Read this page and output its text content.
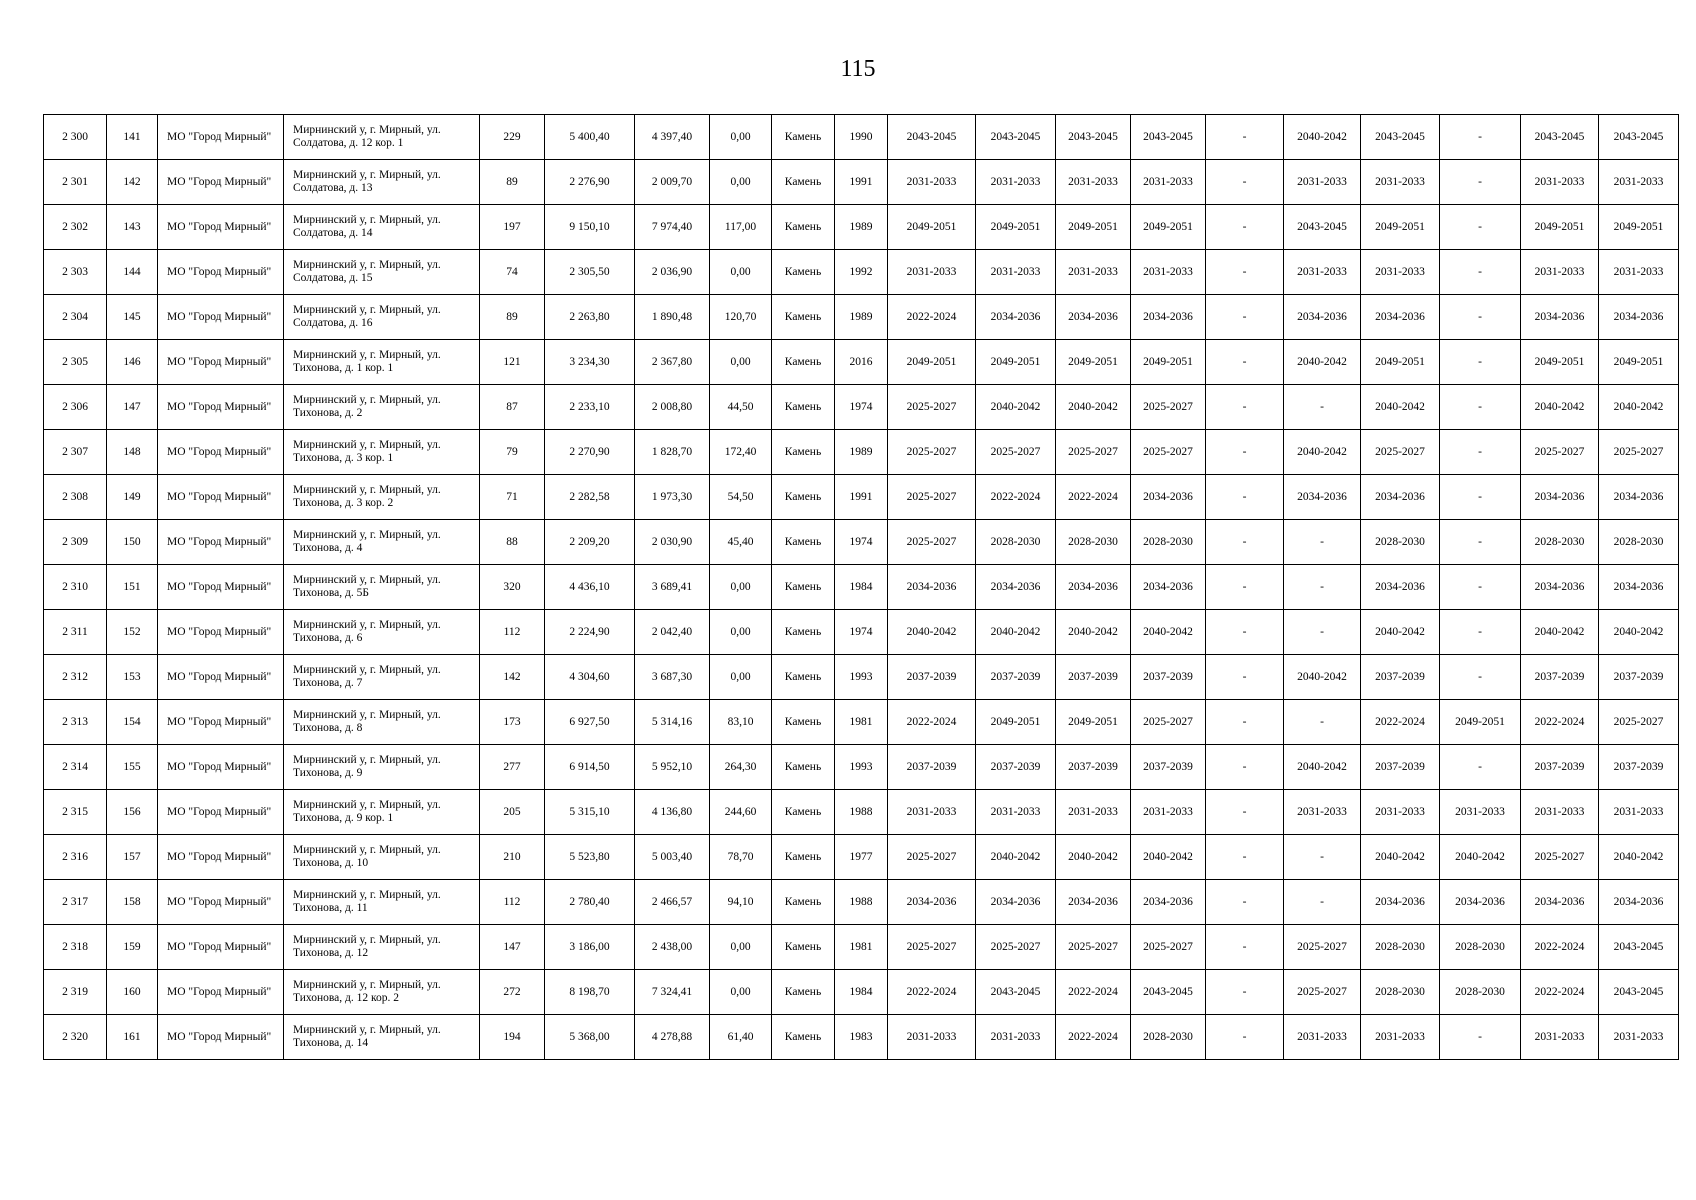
115
2 300	141	МО "Город Мирный"	Мирнинский у, г. Мирный, ул. Солдатова, д. 12 кор. 1	229	5 400,40	4 397,40	0,00	Камень	1990	2043-2045	2043-2045	2043-2045	2043-2045	-	2040-2042	2043-2045	-	2043-2045	2043-2045
2 301	142	МО "Город Мирный"	Мирнинский у, г. Мирный, ул. Солдатова, д. 13	89	2 276,90	2 009,70	0,00	Камень	1991	2031-2033	2031-2033	2031-2033	2031-2033	-	2031-2033	2031-2033	-	2031-2033	2031-2033
2 302	143	МО "Город Мирный"	Мирнинский у, г. Мирный, ул. Солдатова, д. 14	197	9 150,10	7 974,40	117,00	Камень	1989	2049-2051	2049-2051	2049-2051	2049-2051	-	2043-2045	2049-2051	-	2049-2051	2049-2051
2 303	144	МО "Город Мирный"	Мирнинский у, г. Мирный, ул. Солдатова, д. 15	74	2 305,50	2 036,90	0,00	Камень	1992	2031-2033	2031-2033	2031-2033	2031-2033	-	2031-2033	2031-2033	-	2031-2033	2031-2033
2 304	145	МО "Город Мирный"	Мирнинский у, г. Мирный, ул. Солдатова, д. 16	89	2 263,80	1 890,48	120,70	Камень	1989	2022-2024	2034-2036	2034-2036	2034-2036	-	2034-2036	2034-2036	-	2034-2036	2034-2036
2 305	146	МО "Город Мирный"	Мирнинский у, г. Мирный, ул. Тихонова, д. 1 кор. 1	121	3 234,30	2 367,80	0,00	Камень	2016	2049-2051	2049-2051	2049-2051	2049-2051	-	2040-2042	2049-2051	-	2049-2051	2049-2051
2 306	147	МО "Город Мирный"	Мирнинский у, г. Мирный, ул. Тихонова, д. 2	87	2 233,10	2 008,80	44,50	Камень	1974	2025-2027	2040-2042	2040-2042	2025-2027	-	-	2040-2042	-	2040-2042	2040-2042
2 307	148	МО "Город Мирный"	Мирнинский у, г. Мирный, ул. Тихонова, д. 3 кор. 1	79	2 270,90	1 828,70	172,40	Камень	1989	2025-2027	2025-2027	2025-2027	2025-2027	-	2040-2042	2025-2027	-	2025-2027	2025-2027
2 308	149	МО "Город Мирный"	Мирнинский у, г. Мирный, ул. Тихонова, д. 3 кор. 2	71	2 282,58	1 973,30	54,50	Камень	1991	2025-2027	2022-2024	2022-2024	2034-2036	-	2034-2036	2034-2036	-	2034-2036	2034-2036
2 309	150	МО "Город Мирный"	Мирнинский у, г. Мирный, ул. Тихонова, д. 4	88	2 209,20	2 030,90	45,40	Камень	1974	2025-2027	2028-2030	2028-2030	2028-2030	-	-	2028-2030	-	2028-2030	2028-2030
2 310	151	МО "Город Мирный"	Мирнинский у, г. Мирный, ул. Тихонова, д. 5Б	320	4 436,10	3 689,41	0,00	Камень	1984	2034-2036	2034-2036	2034-2036	2034-2036	-	-	2034-2036	-	2034-2036	2034-2036
2 311	152	МО "Город Мирный"	Мирнинский у, г. Мирный, ул. Тихонова, д. 6	112	2 224,90	2 042,40	0,00	Камень	1974	2040-2042	2040-2042	2040-2042	2040-2042	-	-	2040-2042	-	2040-2042	2040-2042
2 312	153	МО "Город Мирный"	Мирнинский у, г. Мирный, ул. Тихонова, д. 7	142	4 304,60	3 687,30	0,00	Камень	1993	2037-2039	2037-2039	2037-2039	2037-2039	-	2040-2042	2037-2039	-	2037-2039	2037-2039
2 313	154	МО "Город Мирный"	Мирнинский у, г. Мирный, ул. Тихонова, д. 8	173	6 927,50	5 314,16	83,10	Камень	1981	2022-2024	2049-2051	2049-2051	2025-2027	-	-	2022-2024	2049-2051	2022-2024	2025-2027
2 314	155	МО "Город Мирный"	Мирнинский у, г. Мирный, ул. Тихонова, д. 9	277	6 914,50	5 952,10	264,30	Камень	1993	2037-2039	2037-2039	2037-2039	2037-2039	-	2040-2042	2037-2039	-	2037-2039	2037-2039
2 315	156	МО "Город Мирный"	Мирнинский у, г. Мирный, ул. Тихонова, д. 9 кор. 1	205	5 315,10	4 136,80	244,60	Камень	1988	2031-2033	2031-2033	2031-2033	2031-2033	-	2031-2033	2031-2033	2031-2033	2031-2033	2031-2033
2 316	157	МО "Город Мирный"	Мирнинский у, г. Мирный, ул. Тихонова, д. 10	210	5 523,80	5 003,40	78,70	Камень	1977	2025-2027	2040-2042	2040-2042	2040-2042	-	-	2040-2042	2040-2042	2025-2027	2040-2042
2 317	158	МО "Город Мирный"	Мирнинский у, г. Мирный, ул. Тихонова, д. 11	112	2 780,40	2 466,57	94,10	Камень	1988	2034-2036	2034-2036	2034-2036	2034-2036	-	-	2034-2036	2034-2036	2034-2036	2034-2036
2 318	159	МО "Город Мирный"	Мирнинский у, г. Мирный, ул. Тихонова, д. 12	147	3 186,00	2 438,00	0,00	Камень	1981	2025-2027	2025-2027	2025-2027	2025-2027	-	2025-2027	2028-2030	2028-2030	2022-2024	2043-2045
2 319	160	МО "Город Мирный"	Мирнинский у, г. Мирный, ул. Тихонова, д. 12 кор. 2	272	8 198,70	7 324,41	0,00	Камень	1984	2022-2024	2043-2045	2022-2024	2043-2045	-	2025-2027	2028-2030	2028-2030	2022-2024	2043-2045
2 320	161	МО "Город Мирный"	Мирнинский у, г. Мирный, ул. Тихонова, д. 14	194	5 368,00	4 278,88	61,40	Камень	1983	2031-2033	2031-2033	2022-2024	2028-2030	-	2031-2033	2031-2033	-	2031-2033	2031-2033
